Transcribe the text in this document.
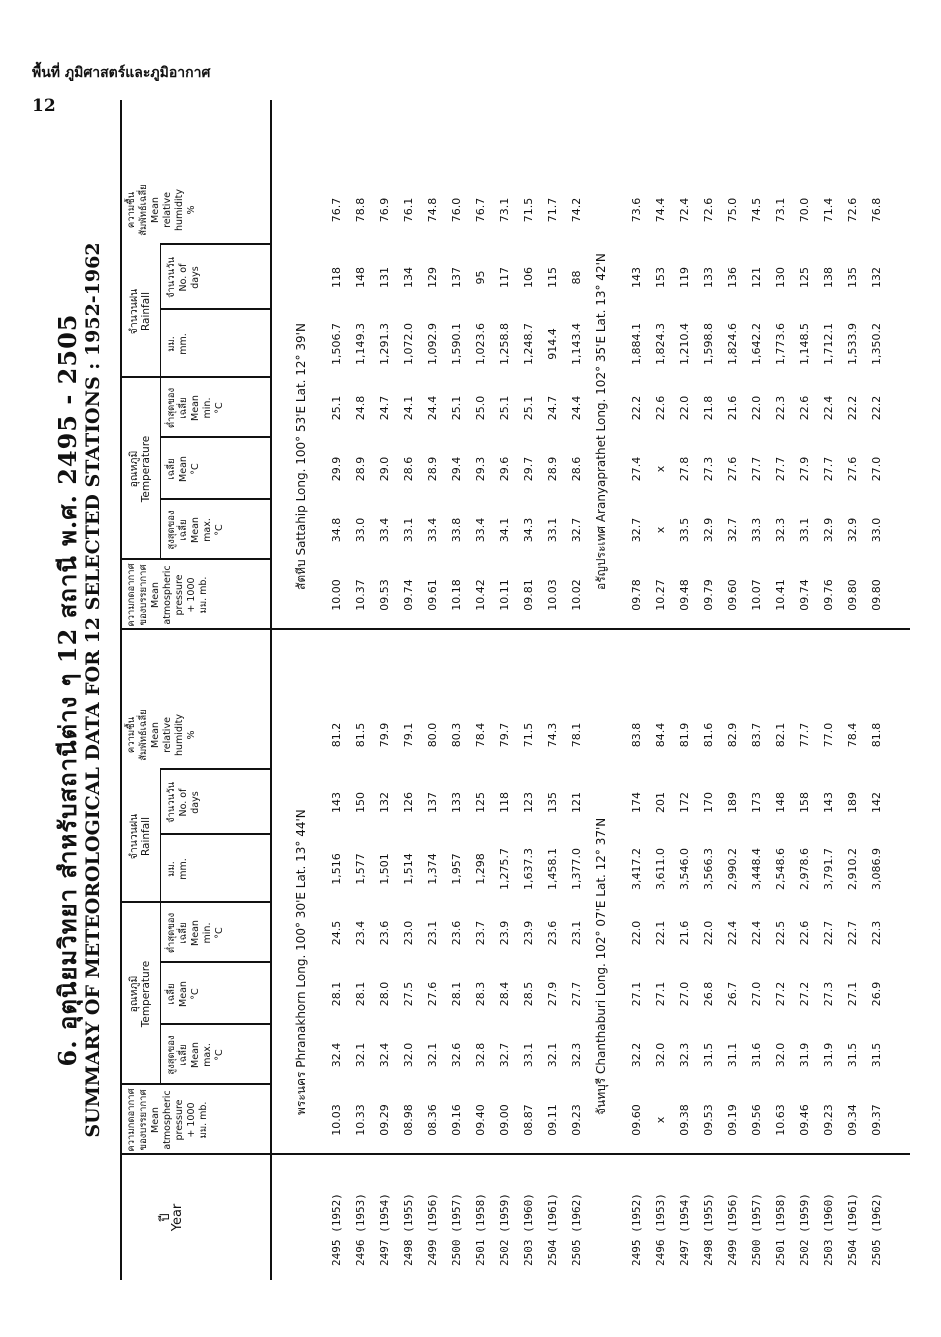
พื้นที่ ภูมิศาสตร์และภูมิอากาศ
12
6. อุตุนิยมวิทยา สำหรับสถานีต่าง ๆ 12 สถานี พ.ศ. 2495 - 2505 SUMMARY OF METEOROLOGICAL DATA FOR 12 SELECTED STATIONS : 1952-1962
ปี
Year
อุณหภูมิ
Temperature
จำนวนฝน
Rainfall
ความกดอากาศ
ของบรรยากาศ
Mean
atmospheric
pressure
+ 1000
มม. mb.
สูงสุดของ
เฉลี่ย
Mean
max.
°C
เฉลี่ย
Mean
°C
ต่ำสุดของ
เฉลี่ย
Mean
min.
°C
มม.
mm.
จำนวนวัน
No. of
days
ความชื้น
สัมพัทธ์เฉลี่ย
Mean
relative
humidity
%
อุณหภูมิ
Temperature
จำนวนฝน
Rainfall
ความกดอากาศ
ของบรรยากาศ
Mean
atmospheric
pressure
+ 1000
มม. mb.
สูงสุดของ
เฉลี่ย
Mean
max.
°C
เฉลี่ย
Mean
°C
ต่ำสุดของ
เฉลี่ย
Mean
min.
°C
มม.
mm.
จำนวนวัน
No. of
days
ความชื้น
สัมพัทธ์เฉลี่ย
Mean
relative
humidity
%
2495 (1952) 2496 (1953) 2497 (1954) 2498 (1955) 2499 (1956) 2500 (1957) 2501 (1958) 2502 (1959) 2503 (1960) 2504 (1961) 2505 (1962)
พระนคร Phranakhorn Long. 100° 30'E Lat. 13° 44'N
10.03 10.33 09.29 08.98 08.36 09.16 09.40 09.00 08.87 09.11 09.23
32.4 32.1 32.4 32.0 32.1 32.6 32.8 32.7 33.1 32.1 32.3
28.1 28.1 28.0 27.5 27.6 28.1 28.3 28.4 28.5 27.9 27.7
24.5 23.4 23.6 23.0 23.1 23.6 23.7 23.9 23.9 23.6 23.1
1,516 1,577 1,501 1,514 1,374 1,957 1,298 1,275.7 1,637.3 1,458.1 1,377.0
143 150 132 126 137 133 125 118 123 135 121
81.2 81.5 79.9 79.1 80.0 80.3 78.4 79.7 71.5 74.3 78.1
สัตหีบ Sattahip Long. 100° 53'E Lat. 12° 39'N
10.00 10.37 09.53 09.74 09.61 10.18 10.42 10.11 09.81 10.03 10.02
34.8 33.0 33.4 33.1 33.4 33.8 33.4 34.1 34.3 33.1 32.7
29.9 28.9 29.0 28.6 28.9 29.4 29.3 29.6 29.7 28.9 28.6
25.1 24.8 24.7 24.1 24.4 25.1 25.0 25.1 25.1 24.7 24.4
1,506.7 1,149.3 1,291.3 1,072.0 1,092.9 1,590.1 1,023.6 1,258.8 1,248.7 914.4 1,143.4
118 148 131 134 129 137 95 117 106 115 88
76.7 78.8 76.9 76.1 74.8 76.0 76.7 73.1 71.5 71.7 74.2
2495 (1952) 2496 (1953) 2497 (1954) 2498 (1955) 2499 (1956) 2500 (1957) 2501 (1958) 2502 (1959) 2503 (1960) 2504 (1961) 2505 (1962)
จันทบุรี Chanthaburi Long. 102° 07'E Lat. 12° 37'N
09.60 x 09.38 09.53 09.19 09.56 10.63 09.46 09.23 09.34 09.37
32.2 32.0 32.3 31.5 31.1 31.6 32.0 31.9 31.9 31.5 31.5
27.1 27.1 27.0 26.8 26.7 27.0 27.2 27.2 27.3 27.1 26.9
22.0 22.1 21.6 22.0 22.4 22.4 22.5 22.6 22.7 22.7 22.3
3,417.2 3,611.0 3,546.0 3,566.3 2,990.2 3,448.4 2,548.6 2,978.6 3,791.7 2,910.2 3,086.9
174 201 172 170 189 173 148 158 143 189 142
83.8 84.4 81.9 81.6 82.9 83.7 82.1 77.7 77.0 78.4 81.8
อรัญประเทศ Aranyaprathet Long. 102° 35'E Lat. 13° 42'N
09.78 10.27 09.48 09.79 09.60 10.07 10.41 09.74 09.76 09.80 09.80
32.7 x 33.5 32.9 32.7 33.3 32.3 33.1 32.9 32.9 33.0
27.4 x 27.8 27.3 27.6 27.7 27.7 27.9 27.7 27.6 27.0
22.2 22.6 22.0 21.8 21.6 22.0 22.3 22.6 22.4 22.2 22.2
1,884.1 1,824.3 1,210.4 1,598.8 1,824.6 1,642.2 1,773.6 1,148.5 1,712.1 1,533.9 1,350.2
143 153 119 133 136 121 130 125 138 135 132
73.6 74.4 72.4 72.6 75.0 74.5 73.1 70.0 71.4 72.6 76.8
